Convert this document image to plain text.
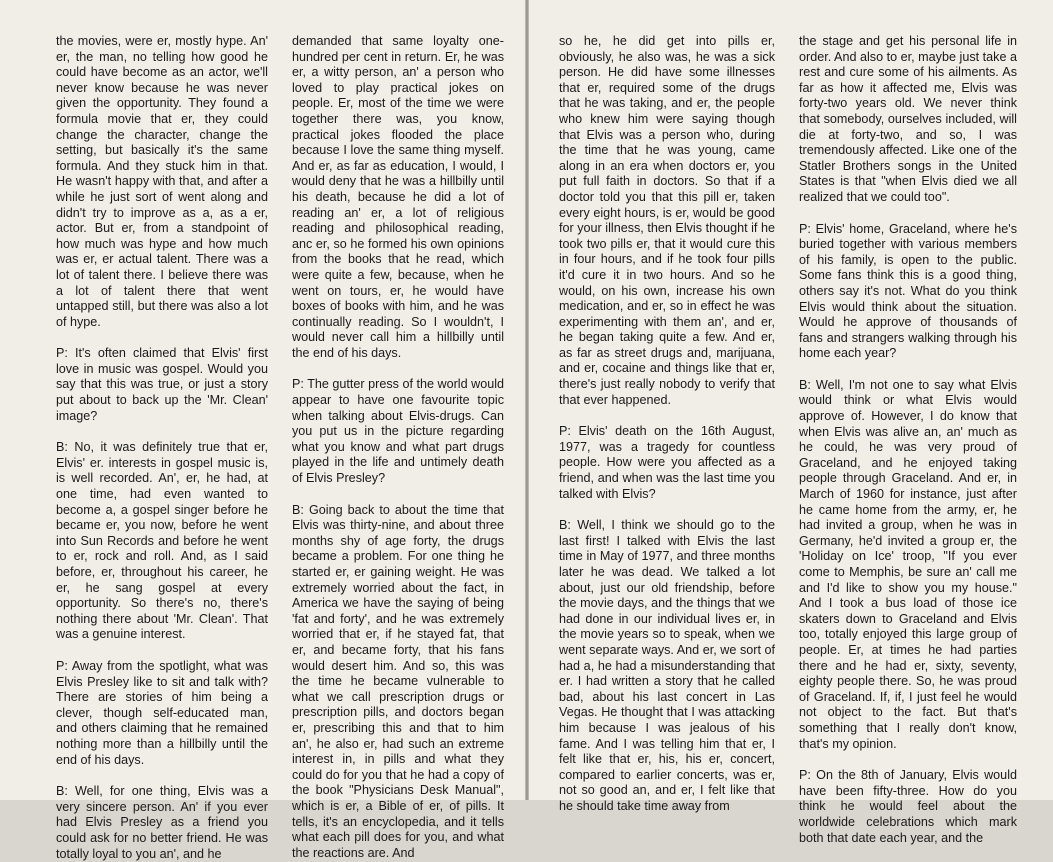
the movies, were er, mostly hype. An' er, the man, no telling how good he could have become as an actor, we'll never know because he was never given the opportunity. They found a formula movie that er, they could change the character, change the setting, but basically it's the same formula. And they stuck him in that. He wasn't happy with that, and after a while he just sort of went along and didn't try to improve as a, as a er, actor. But er, from a standpoint of how much was hype and how much was er, er actual talent. There was a lot of talent there. I believe there was a lot of talent there that went untapped still, but there was also a lot of hype.

P: It's often claimed that Elvis' first love in music was gospel. Would you say that this was true, or just a story put about to back up the 'Mr. Clean' image?

B: No, it was definitely true that er, Elvis' er. interests in gospel music is, is well recorded. An', er, he had, at one time, had even wanted to become a, a gospel singer before he became er, you now, before he went into Sun Records and before he went to er, rock and roll. And, as I said before, er, throughout his career, he er, he sang gospel at every opportunity. So there's no, there's nothing there about 'Mr. Clean'. That was a genuine interest.

P: Away from the spotlight, what was Elvis Presley like to sit and talk with? There are stories of him being a clever, though self-educated man, and others claiming that he remained nothing more than a hillbilly until the end of his days.

B: Well, for one thing, Elvis was a very sincere person. An' if you ever had Elvis Presley as a friend you could ask for no better friend. He was totally loyal to you an', and he

demanded that same loyalty one-hundred per cent in return. Er, he was er, a witty person, an' a person who loved to play practical jokes on people. Er, most of the time we were together there was, you know, practical jokes flooded the place because I love the same thing myself. And er, as far as education, I would, I would deny that he was a hillbilly until his death, because he did a lot of reading an' er, a lot of religious reading and philosophical reading, anc er, so he formed his own opinions from the books that he read, which were quite a few, because, when he went on tours, er, he would have boxes of books with him, and he was continually reading. So I wouldn't, I would never call him a hillbilly until the end of his days.

P: The gutter press of the world would appear to have one favourite topic when talking about Elvis-drugs. Can you put us in the picture regarding what you know and what part drugs played in the life and untimely death of Elvis Presley?

B: Going back to about the time that Elvis was thirty-nine, and about three months shy of age forty, the drugs became a problem. For one thing he started er, er gaining weight. He was extremely worried about the fact, in America we have the saying of being 'fat and forty', and he was extremely worried that er, if he stayed fat, that er, and became forty, that his fans would desert him. And so, this was the time he became vulnerable to what we call prescription drugs or prescription pills, and doctors began er, prescribing this and that to him an', he also er, had such an extreme interest in, in pills and what they could do for you that he had a copy of the book "Physicians Desk Manual", which is er, a Bible of er, of pills. It tells, it's an encyclopedia, and it tells what each pill does for you, and what the reactions are. And

so he, he did get into pills er, obviously, he also was, he was a sick person. He did have some illnesses that er, required some of the drugs that he was taking, and er, the people who knew him were saying though that Elvis was a person who, during the time that he was young, came along in an era when doctors er, you put full faith in doctors. So that if a doctor told you that this pill er, taken every eight hours, is er, would be good for your illness, then Elvis thought if he took two pills er, that it would cure this in four hours, and if he took four pills it'd cure it in two hours. And so he would, on his own, increase his own medication, and er, so in effect he was experimenting with them an', and er, he began taking quite a few. And er, as far as street drugs and, marijuana, and er, cocaine and things like that er, there's just really nobody to verify that that ever happened.

P: Elvis' death on the 16th August, 1977, was a tragedy for countless people. How were you affected as a friend, and when was the last time you talked with Elvis?

B: Well, I think we should go to the last first! I talked with Elvis the last time in May of 1977, and three months later he was dead. We talked a lot about, just our old friendship, before the movie days, and the things that we had done in our individual lives er, in the movie years so to speak, when we went separate ways. And er, we sort of had a, he had a misunderstanding that er. I had written a story that he called bad, about his last concert in Las Vegas. He thought that I was attacking him because I was jealous of his fame. And I was telling him that er, I felt like that er, his, his er, concert, compared to earlier concerts, was er, not so good an, and er, I felt like that he should take time away from

the stage and get his personal life in order. And also to er, maybe just take a rest and cure some of his ailments. As far as how it affected me, Elvis was forty-two years old. We never think that somebody, ourselves included, will die at forty-two, and so, I was tremendously affected. Like one of the Statler Brothers songs in the United States is that "when Elvis died we all realized that we could too".

P: Elvis' home, Graceland, where he's buried together with various members of his family, is open to the public. Some fans think this is a good thing, others say it's not. What do you think Elvis would think about the situation. Would he approve of thousands of fans and strangers walking through his home each year?

B: Well, I'm not one to say what Elvis would think or what Elvis would approve of. However, I do know that when Elvis was alive an, an' much as he could, he was very proud of Graceland, and he enjoyed taking people through Graceland. And er, in March of 1960 for instance, just after he came home from the army, er, he had invited a group, when he was in Germany, he'd invited a group er, the 'Holiday on Ice' troop, "If you ever come to Memphis, be sure an' call me and I'd like to show you my house." And I took a bus load of those ice skaters down to Graceland and Elvis too, totally enjoyed this large group of people. Er, at times he had parties there and he had er, sixty, seventy, eighty people there. So, he was proud of Graceland. If, if, I just feel he would not object to the fact. But that's something that I really don't know, that's my opinion.

P: On the 8th of January, Elvis would have been fifty-three. How do you think he would feel about the worldwide celebrations which mark both that date each year, and the
